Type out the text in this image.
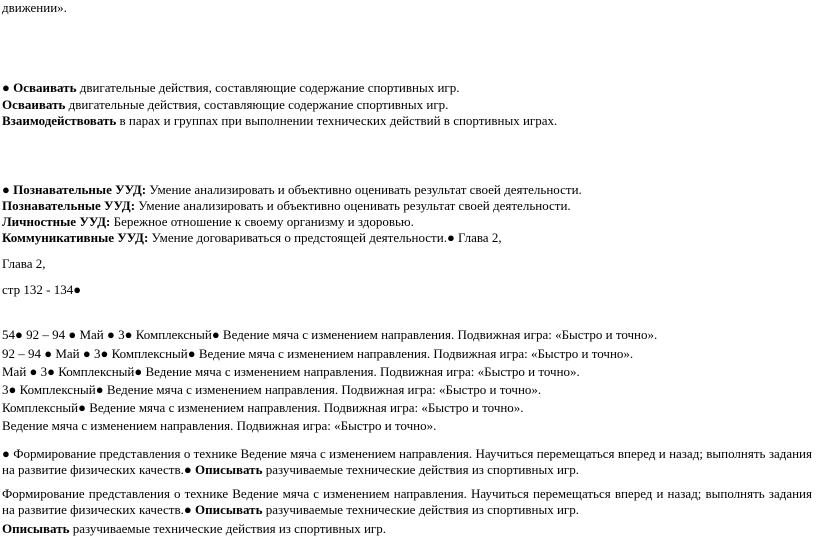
движении».
● Осваивать двигательные действия, составляющие содержание спортивных игр.
Осваивать двигательные действия, составляющие содержание спортивных игр.
Взаимодействовать в парах и группах при выполнении технических действий в спортивных играх.
● Познавательные УУД: Умение анализировать и объективно оценивать результат своей деятельности.
Познавательные УУД: Умение анализировать и объективно оценивать результат своей деятельности.
Личностные УУД: Бережное отношение к своему организму и здоровью.
Коммуникативные УУД: Умение договариваться о предстоящей деятельности.● Глава 2,
Глава 2,
стр 132 - 134●
54● 92 – 94 ● Май ● 3● Комплексный● Ведение мяча с изменением направления. Подвижная игра: «Быстро и точно».
92 – 94 ● Май ● 3● Комплексный● Ведение мяча с изменением направления. Подвижная игра: «Быстро и точно».
Май ● 3● Комплексный● Ведение мяча с изменением направления. Подвижная игра: «Быстро и точно».
3● Комплексный● Ведение мяча с изменением направления. Подвижная игра: «Быстро и точно».
Комплексный● Ведение мяча с изменением направления. Подвижная игра: «Быстро и точно».
Ведение мяча с изменением направления. Подвижная игра: «Быстро и точно».
● Формирование представления о технике Ведение мяча с изменением направления. Научиться перемещаться вперед и назад; выполнять задания на развитие физических качеств.● Описывать разучиваемые технические действия из спортивных игр.
Формирование представления о технике Ведение мяча с изменением направления. Научиться перемещаться вперед и назад; выполнять задания на развитие физических качеств.● Описывать разучиваемые технические действия из спортивных игр.
Описывать разучиваемые технические действия из спортивных игр.
